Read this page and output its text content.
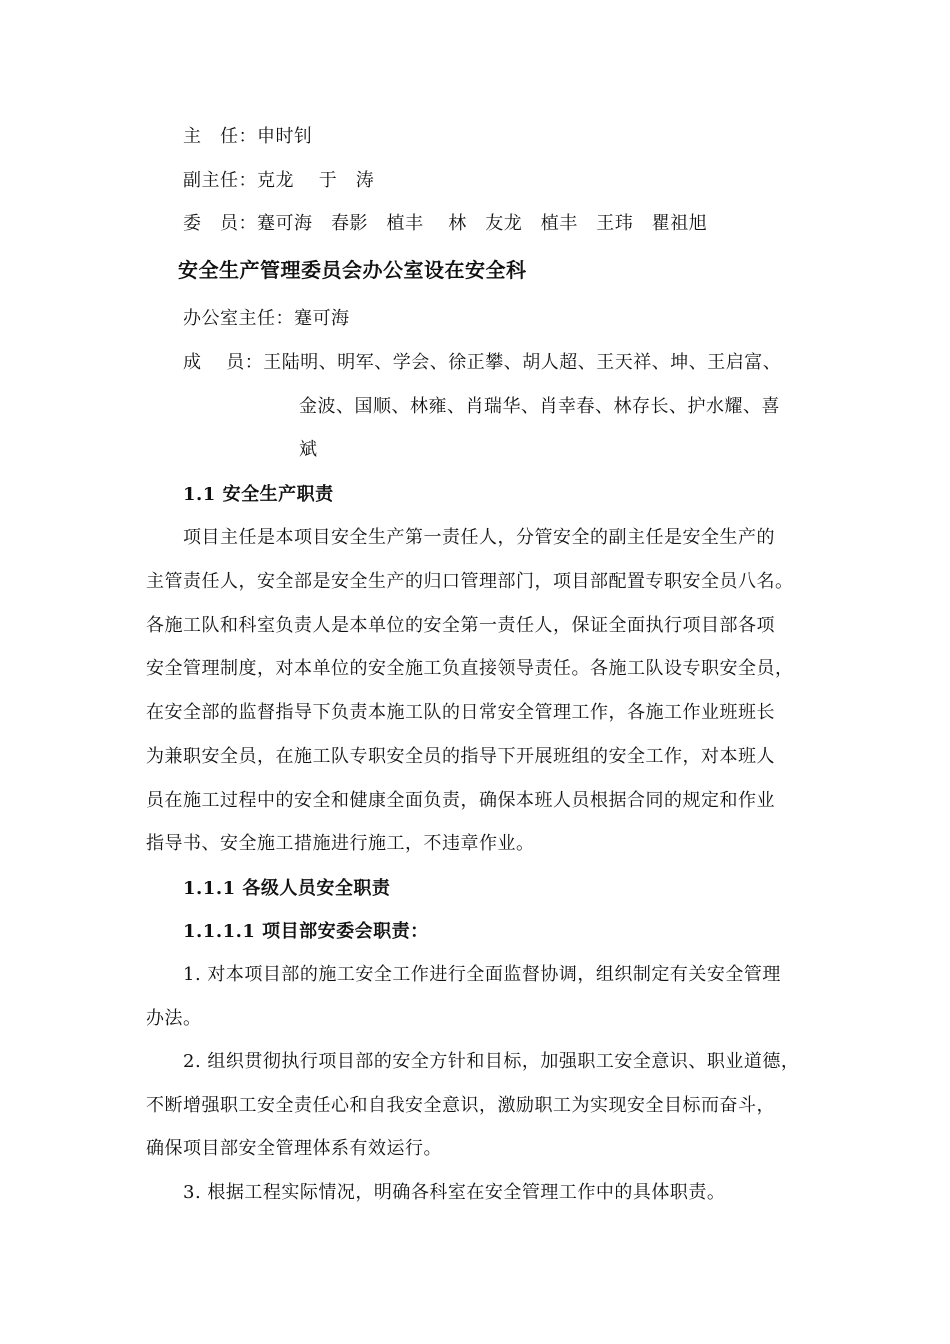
主　任：申时钊
副主任：克龙　 于　涛
委　员：蹇可海　春影　植丰　 林　友龙　植丰　王玮　瞿祖旭
安全生产管理委员会办公室设在安全科
办公室主任：蹇可海
成　 员：王陆明、明军、学会、徐正攀、胡人超、王天祥、坤、王启富、
金波、国顺、林雍、肖瑞华、肖幸春、林存长、护水耀、喜
斌
1.1 安全生产职责
项目主任是本项目安全生产第一责任人，分管安全的副主任是安全生产的
主管责任人，安全部是安全生产的归口管理部门，项目部配置专职安全员八名。
各施工队和科室负责人是本单位的安全第一责任人，保证全面执行项目部各项
安全管理制度，对本单位的安全施工负直接领导责任。各施工队设专职安全员，
在安全部的监督指导下负责本施工队的日常安全管理工作，各施工作业班班长
为兼职安全员，在施工队专职安全员的指导下开展班组的安全工作，对本班人
员在施工过程中的安全和健康全面负责，确保本班人员根据合同的规定和作业
指导书、安全施工措施进行施工，不违章作业。
1.1.1 各级人员安全职责
1.1.1.1 项目部安委会职责：
1. 对本项目部的施工安全工作进行全面监督协调，组织制定有关安全管理
办法。
2. 组织贯彻执行项目部的安全方针和目标，加强职工安全意识、职业道德，
不断增强职工安全责任心和自我安全意识，激励职工为实现安全目标而奋斗，
确保项目部安全管理体系有效运行。
3. 根据工程实际情况，明确各科室在安全管理工作中的具体职责。
